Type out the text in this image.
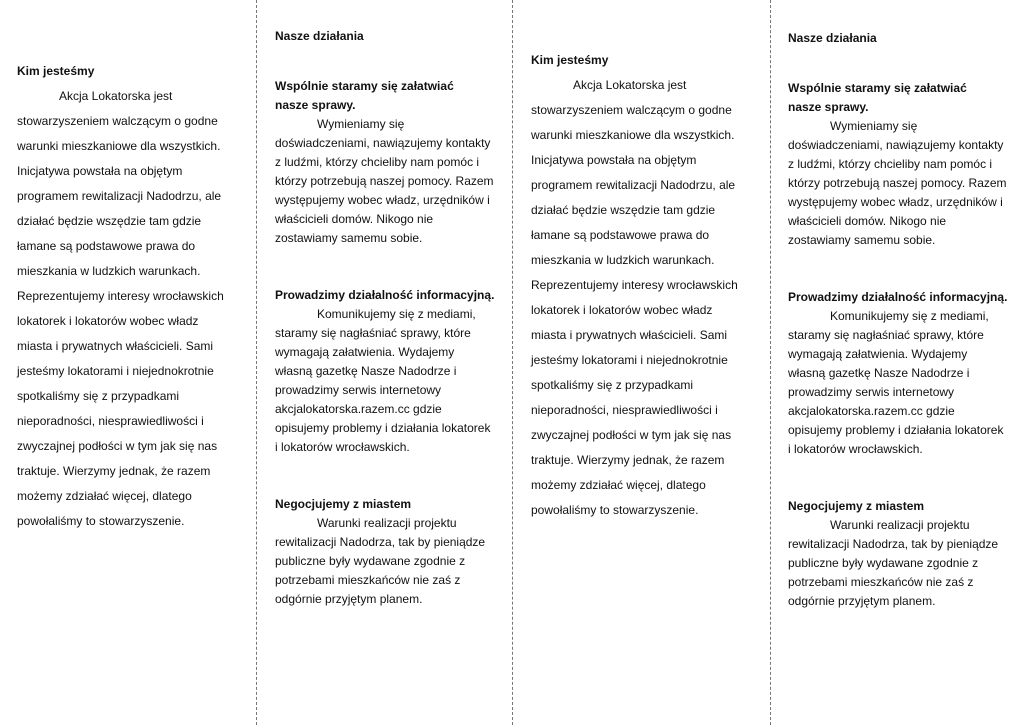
Kim jesteśmy
Akcja Lokatorska jest
stowarzyszeniem walczącym o godne
warunki mieszkaniowe dla wszystkich.
Inicjatywa powstała na objętym
programem rewitalizacji Nadodrzu, ale
działać będzie wszędzie tam gdzie
łamane są podstawowe prawa do
mieszkania w ludzkich warunkach.
Reprezentujemy interesy wrocławskich
lokatorek i lokatorów wobec władz
miasta i prywatnych właścicieli. Sami
jesteśmy lokatorami i niejednokrotnie
spotkaliśmy się z przypadkami
nieporadności, niesprawiedliwości i
zwyczajnej podłości w tym jak się nas
traktuje. Wierzymy jednak, że razem
możemy zdziałać więcej, dlatego
powołaliśmy to stowarzyszenie.
Nasze działania
Wspólnie staramy się załatwiać
nasze sprawy.
Wymieniamy się
doświadczeniami, nawiązujemy kontakty
z ludźmi, którzy chcieliby nam pomóc i
którzy potrzebują naszej pomocy. Razem
występujemy wobec władz, urzędników i
właścicieli domów. Nikogo nie
zostawiamy samemu sobie.
Prowadzimy działalność informacyjną.
Komunikujemy się z mediami,
staramy się nagłaśniać sprawy, które
wymagają załatwienia. Wydajemy
własną gazetkę Nasze Nadodrze i
prowadzimy serwis internetowy
akcjalokatorska.razem.cc gdzie
opisujemy problemy i działania lokatorek
i lokatorów wrocławskich.
Negocjujemy z miastem
Warunki realizacji projektu
rewitalizacji Nadodrza, tak by pieniądze
publiczne były wydawane zgodnie z
potrzebami mieszkańców nie zaś z
odgórnie przyjętym planem.
Kim jesteśmy
Akcja Lokatorska jest
stowarzyszeniem walczącym o godne
warunki mieszkaniowe dla wszystkich.
Inicjatywa powstała na objętym
programem rewitalizacji Nadodrzu, ale
działać będzie wszędzie tam gdzie
łamane są podstawowe prawa do
mieszkania w ludzkich warunkach.
Reprezentujemy interesy wrocławskich
lokatorek i lokatorów wobec władz
miasta i prywatnych właścicieli. Sami
jesteśmy lokatorami i niejednokrotnie
spotkaliśmy się z przypadkami
nieporadności, niesprawiedliwości i
zwyczajnej podłości w tym jak się nas
traktuje. Wierzymy jednak, że razem
możemy zdziałać więcej, dlatego
powołaliśmy to stowarzyszenie.
Nasze działania
Wspólnie staramy się załatwiać
nasze sprawy.
Wymieniamy się
doświadczeniami, nawiązujemy kontakty
z ludźmi, którzy chcieliby nam pomóc i
którzy potrzebują naszej pomocy. Razem
występujemy wobec władz, urzędników i
właścicieli domów. Nikogo nie
zostawiamy samemu sobie.
Prowadzimy działalność informacyjną.
Komunikujemy się z mediami,
staramy się nagłaśniać sprawy, które
wymagają załatwienia. Wydajemy
własną gazetkę Nasze Nadodrze i
prowadzimy serwis internetowy
akcjalokatorska.razem.cc gdzie
opisujemy problemy i działania lokatorek
i lokatorów wrocławskich.
Negocjujemy z miastem
Warunki realizacji projektu
rewitalizacji Nadodrza, tak by pieniądze
publiczne były wydawane zgodnie z
potrzebami mieszkańców nie zaś z
odgórnie przyjętym planem.
